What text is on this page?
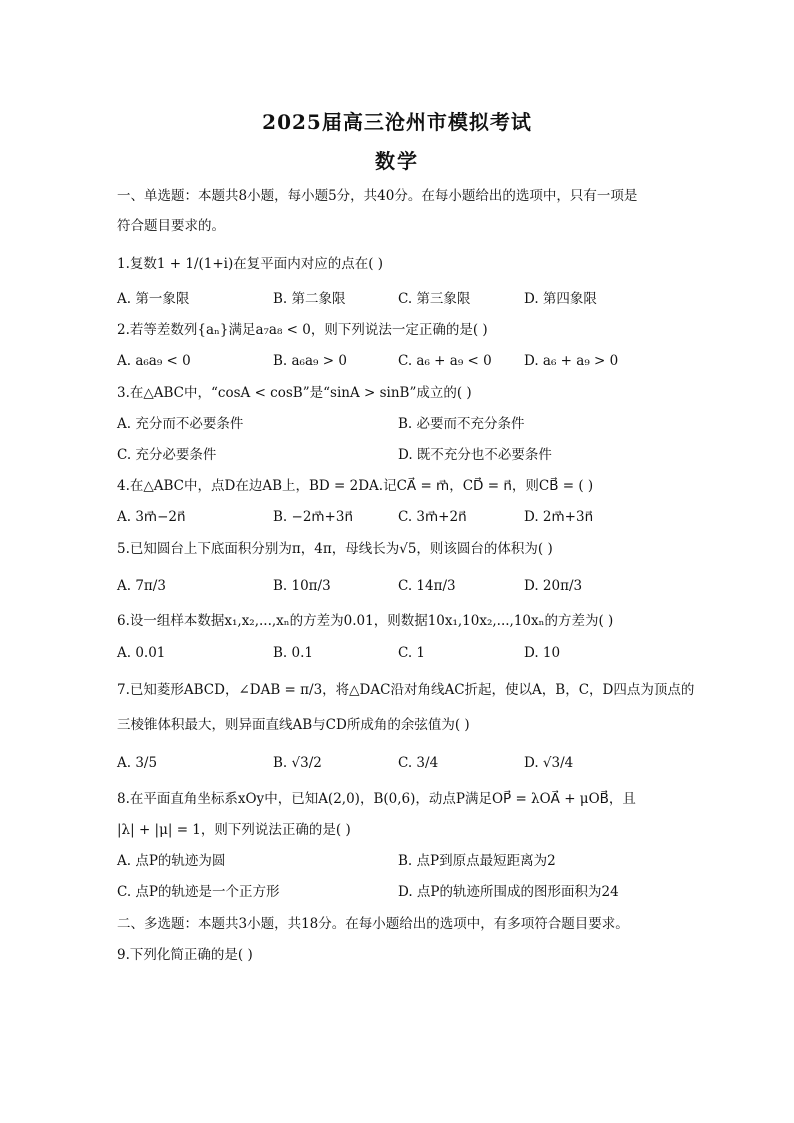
2025届高三沧州市模拟考试
数学
一、单选题：本题共8小题，每小题5分，共40分。在每小题给出的选项中，只有一项是
符合题目要求的。
1.复数1 + 1/(1+i)在复平面内对应的点在( )
A. 第一象限	B. 第二象限	C. 第三象限	D. 第四象限
2.若等差数列{aₙ}满足a₇a₈ < 0，则下列说法一定正确的是( )
A. a₆a₉ < 0	B. a₆a₉ > 0	C. a₆ + a₉ < 0 D. a₆ + a₉ > 0
3.在△ABC中，“cosA < cosB”是“sinA > sinB”成立的( )
A. 充分而不必要条件	B. 必要而不充分条件
C. 充分必要条件	D. 既不充分也不必要条件
4.在△ABC中，点D在边AB上，BD = 2DA.记CA⃗ = m⃗，CD⃗ = n⃗，则CB⃗ = ( )
A. 3m⃗−2n⃗	B. −2m⃗+3n⃗	C. 3m⃗+2n⃗	D. 2m⃗+3n⃗
5.已知圆台上下底面积分别为π，4π，母线长为√5，则该圆台的体积为( )
A. 7π/3	B. 10π/3	C. 14π/3	D. 20π/3
6.设一组样本数据x₁,x₂,...,xₙ的方差为0.01，则数据10x₁,10x₂,...,10xₙ的方差为( )
A. 0.01	B. 0.1	C. 1	D. 10
7.已知菱形ABCD，∠DAB = π/3，将△DAC沿对角线AC折起，使以A，B，C，D四点为顶点的
三棱锥体积最大，则异面直线AB与CD所成角的余弦值为( )
A. 3/5	B. √3/2	C. 3/4	D. √3/4
8.在平面直角坐标系xOy中，已知A(2,0)，B(0,6)，动点P满足OP⃗ = λOA⃗ + μOB⃗，且
|λ| + |μ| = 1，则下列说法正确的是( )
A. 点P的轨迹为圆	B. 点P到原点最短距离为2
C. 点P的轨迹是一个正方形	D. 点P的轨迹所围成的图形面积为24
二、多选题：本题共3小题，共18分。在每小题给出的选项中，有多项符合题目要求。
9.下列化简正确的是( )
